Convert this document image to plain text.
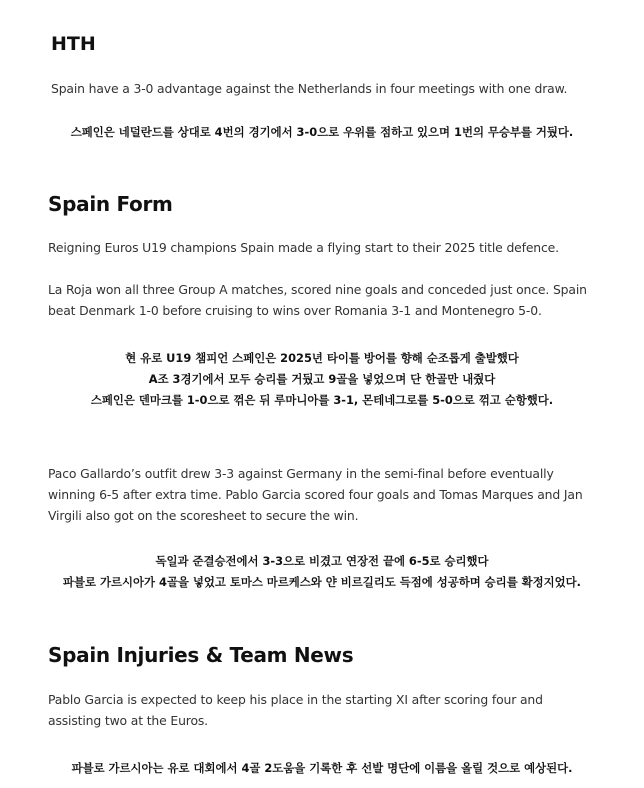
HTH
Spain have a 3-0 advantage against the Netherlands in four meetings with one draw.
스페인은 네덜란드를 상대로 4번의 경기에서 3-0으로 우위를 점하고 있으며 1번의 무승부를 거뒀다.
Spain Form
Reigning Euros U19 champions Spain made a flying start to their 2025 title defence.
La Roja won all three Group A matches, scored nine goals and conceded just once. Spain beat Denmark 1-0 before cruising to wins over Romania 3-1 and Montenegro 5-0.
현 유로 U19 챔피언 스페인은 2025년 타이틀 방어를 향해 순조롭게 출발했다
A조 3경기에서 모두 승리를 거뒀고 9골을 넣었으며 단 한골만 내줬다
스페인은 덴마크를 1-0으로 꺾은 뒤 루마니아를 3-1, 몬테네그로를 5-0으로 꺾고 순항했다.
Paco Gallardo’s outfit drew 3-3 against Germany in the semi-final before eventually winning 6-5 after extra time. Pablo Garcia scored four goals and Tomas Marques and Jan Virgili also got on the scoresheet to secure the win.
독일과 준결승전에서 3-3으로 비겼고 연장전 끝에 6-5로 승리했다
파블로 가르시아가 4골을 넣었고 토마스 마르케스와 얀 비르길리도 득점에 성공하며 승리를 확정지었다.
Spain Injuries & Team News
Pablo Garcia is expected to keep his place in the starting XI after scoring four and assisting two at the Euros.
파블로 가르시아는 유로 대회에서 4골 2도움을 기록한 후 선발 명단에 이름을 올릴 것으로 예상된다.
